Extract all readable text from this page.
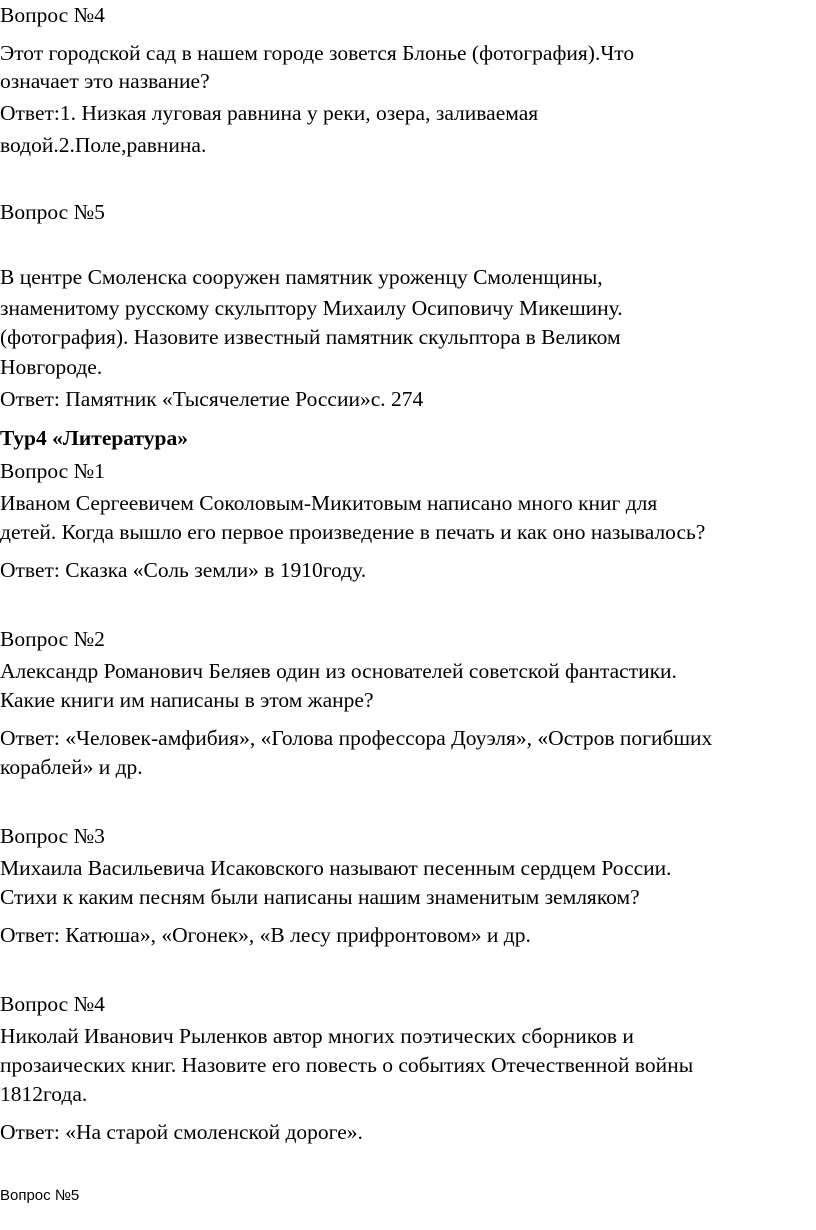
Вопрос №4
Этот городской сад в нашем городе зовется Блонье (фотография).Что
означает это название?
Ответ:1. Низкая луговая равнина у реки, озера, заливаемая
водой.2.Поле,равнина.
Вопрос №5
В центре Смоленска сооружен памятник уроженцу Смоленщины,
знаменитому русскому скульптору Михаилу Осиповичу Микешину.
(фотография). Назовите известный памятник скульптора в Великом
Новгороде.
Ответ: Памятник «Тысячелетие России»с. 274
Тур4 «Литература»
Вопрос №1
Иваном Сергеевичем Соколовым-Микитовым написано много книг для
детей. Когда вышло его первое произведение в печать и как оно называлось?
Ответ: Сказка «Соль земли» в 1910году.
Вопрос №2
Александр Романович Беляев один из основателей советской фантастики.
Какие книги им написаны в этом жанре?
Ответ: «Человек-амфибия», «Голова профессора Доуэля», «Остров погибших
кораблей» и др.
Вопрос №3
Михаила Васильевича Исаковского называют песенным сердцем России.
Стихи к каким песням были написаны нашим знаменитым земляком?
Ответ: Катюша», «Огонек», «В лесу прифронтовом» и др.
Вопрос №4
Николай Иванович Рыленков автор многих поэтических сборников и
прозаических книг. Назовите его повесть о событиях Отечественной войны
1812года.
Ответ: «На старой смоленской дороге».
Вопрос №5
